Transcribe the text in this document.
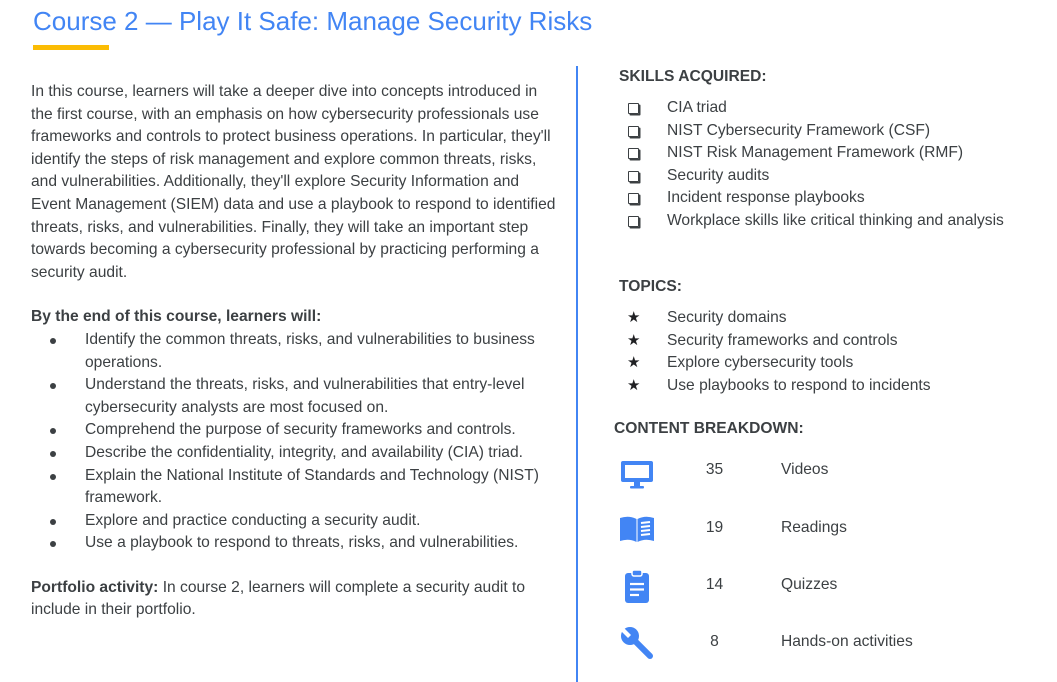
Course 2 — Play It Safe: Manage Security Risks

In this course, learners will take a deeper dive into concepts introduced in the first course, with an emphasis on how cybersecurity professionals use frameworks and controls to protect business operations. In particular, they'll identify the steps of risk management and explore common threats, risks, and vulnerabilities. Additionally, they'll explore Security Information and Event Management (SIEM) data and use a playbook to respond to identified threats, risks, and vulnerabilities. Finally, they will take an important step towards becoming a cybersecurity professional by practicing performing a security audit.

By the end of this course, learners will:

Identify the common threats, risks, and vulnerabilities to business operations.
Understand the threats, risks, and vulnerabilities that entry-level cybersecurity analysts are most focused on.
Comprehend the purpose of security frameworks and controls.
Describe the confidentiality, integrity, and availability (CIA) triad.
Explain the National Institute of Standards and Technology (NIST) framework.
Explore and practice conducting a security audit.
Use a playbook to respond to threats, risks, and vulnerabilities.

Portfolio activity: In course 2, learners will complete a security audit to include in their portfolio.

SKILLS ACQUIRED:
CIA triad
NIST Cybersecurity Framework (CSF)
NIST Risk Management Framework (RMF)
Security audits
Incident response playbooks
Workplace skills like critical thinking and analysis
TOPICS:
★ Security domains
★ Security frameworks and controls
★ Explore cybersecurity tools
★ Use playbooks to respond to incidents
CONTENT BREAKDOWN:
35	Videos
19	Readings
14	Quizzes
8	Hands-on activities
